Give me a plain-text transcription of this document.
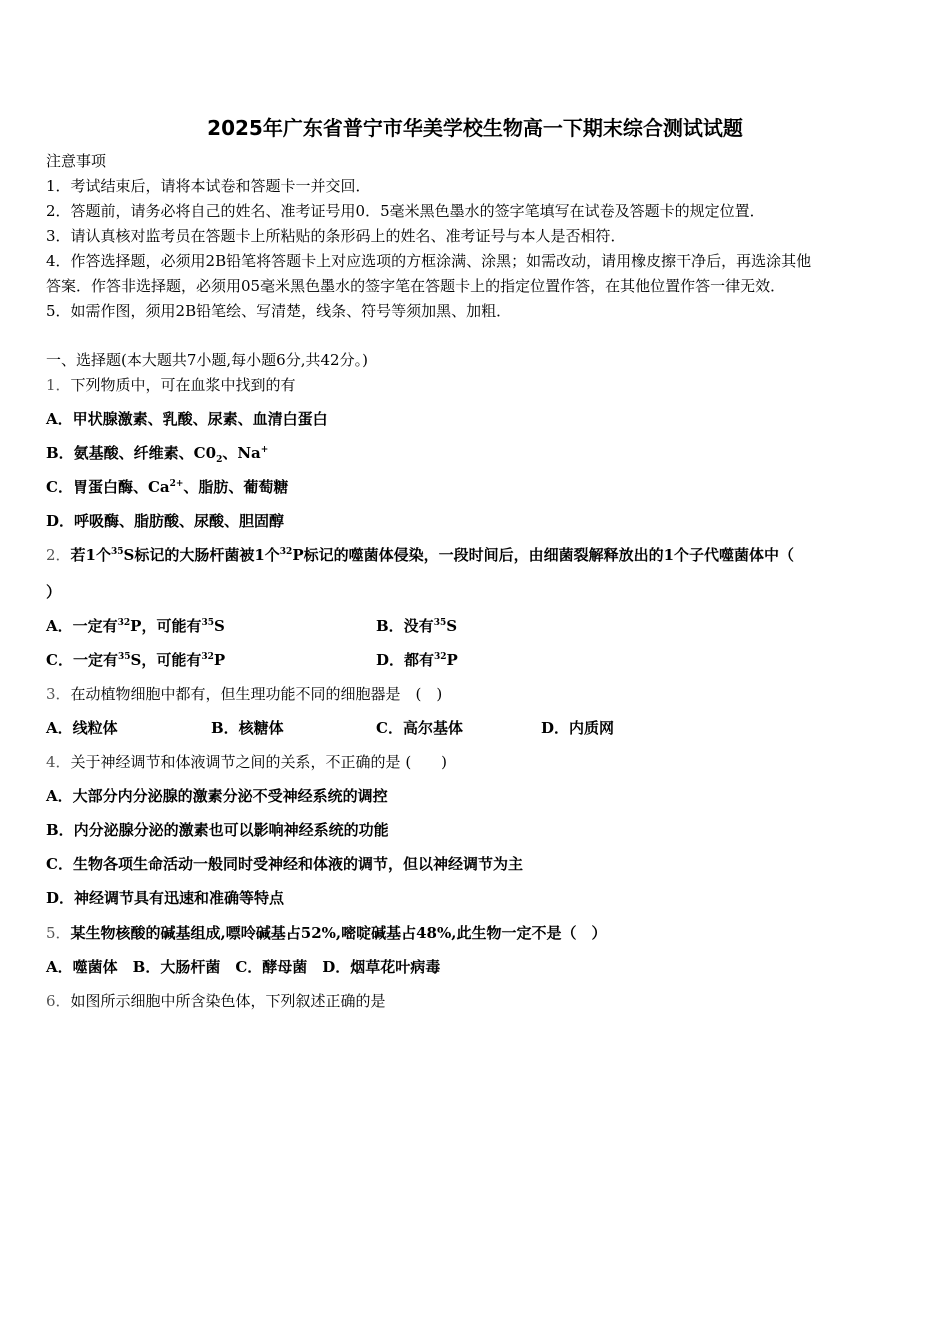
2025年广东省普宁市华美学校生物高一下期末综合测试试题
注意事项
1．考试结束后，请将本试卷和答题卡一并交回．
2．答题前，请务必将自己的姓名、准考证号用0．5毫米黑色墨水的签字笔填写在试卷及答题卡的规定位置．
3．请认真核对监考员在答题卡上所粘贴的条形码上的姓名、准考证号与本人是否相符．
4．作答选择题，必须用2B铅笔将答题卡上对应选项的方框涂满、涂黑；如需改动，请用橡皮擦干净后，再选涂其他
答案．作答非选择题，必须用05毫米黑色墨水的签字笔在答题卡上的指定位置作答，在其他位置作答一律无效．
5．如需作图，须用2B铅笔绘、写清楚，线条、符号等须加黑、加粗．
一、选择题(本大题共7小题,每小题6分,共42分。)
1．下列物质中，可在血浆中找到的有
A．甲状腺激素、乳酸、尿素、血清白蛋白
B．氨基酸、纤维素、$C0_2$、Na+
C．胃蛋白酶、$Ca^{2+}$、脂肪、葡萄糖
D．呼吸酶、脂肪酸、尿酸、胆固醇
2．若1个$^{35}$S标记的大肠杆菌被1个$^{32}$P标记的噬菌体侵染，一段时间后，由细菌裂解释放出的1个子代噬菌体中（
）
A．一定有$^{32}$P，可能有$^{35}$S	B．没有$^{35}$S
C．一定有$^{35}$S，可能有$^{32}$P	D．都有$^{32}$P
3．在动植物细胞中都有，但生理功能不同的细胞器是　(　)
A．线粒体	B．核糖体	C．高尔基体	D．内质网
4．关于神经调节和体液调节之间的关系，不正确的是 (　　)
A．大部分内分泌腺的激素分泌不受神经系统的调控
B．内分泌腺分泌的激素也可以影响神经系统的功能
C．生物各项生命活动一般同时受神经和体液的调节，但以神经调节为主
D．神经调节具有迅速和准确等特点
5．某生物核酸的碱基组成,嘌呤碱基占52%,嘧啶碱基占48%,此生物一定不是（　）
A．噬菌体　B．大肠杆菌　C．酵母菌　D．烟草花叶病毒
6．如图所示细胞中所含染色体，下列叙述正确的是
